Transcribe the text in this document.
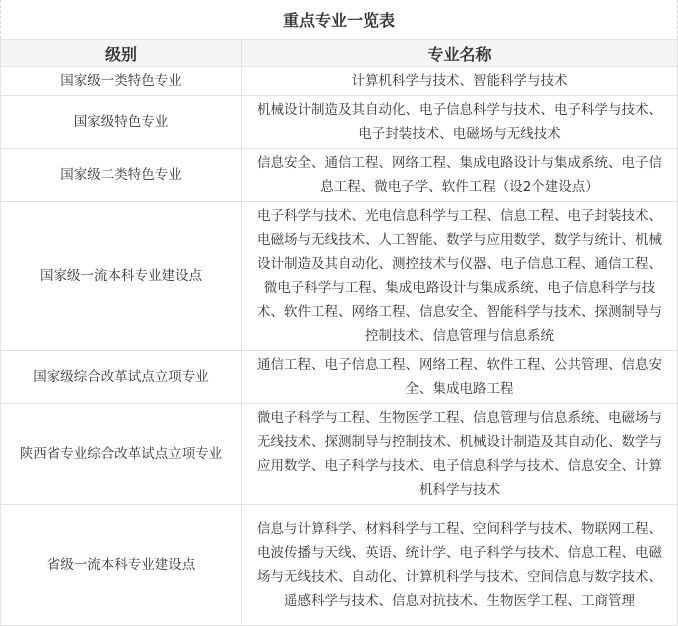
重点专业一览表
级别	专业名称
国家级一类特色专业	计算机科学与技术、智能科学与技术
国家级特色专业	机械设计制造及其自动化、电子信息科学与技术、电子科学与技术、电子封装技术、电磁场与无线技术
国家级二类特色专业	信息安全、通信工程、网络工程、集成电路设计与集成系统、电子信息工程、微电子学、软件工程（设2个建设点）
国家级一流本科专业建设点	电子科学与技术、光电信息科学与工程、信息工程、电子封装技术、电磁场与无线技术、人工智能、数学与应用数学、数学与统计、机械设计制造及其自动化、测控技术与仪器、电子信息工程、通信工程、微电子科学与工程、集成电路设计与集成系统、电子信息科学与技术、软件工程、网络工程、信息安全、智能科学与技术、探测制导与控制技术、信息管理与信息系统
国家级综合改革试点立项专业	通信工程、电子信息工程、网络工程、软件工程、公共管理、信息安全、集成电路工程
陕西省专业综合改革试点立项专业	微电子科学与工程、生物医学工程、信息管理与信息系统、电磁场与无线技术、探测制导与控制技术、机械设计制造及其自动化、数学与应用数学、电子科学与技术、电子信息科学与技术、信息安全、计算机科学与技术
省级一流本科专业建设点	信息与计算科学、材料科学与工程、空间科学与技术、物联网工程、电波传播与天线、英语、统计学、电子科学与技术、信息工程、电磁场与无线技术、自动化、计算机科学与技术、空间信息与数字技术、遥感科学与技术、信息对抗技术、生物医学工程、工商管理
